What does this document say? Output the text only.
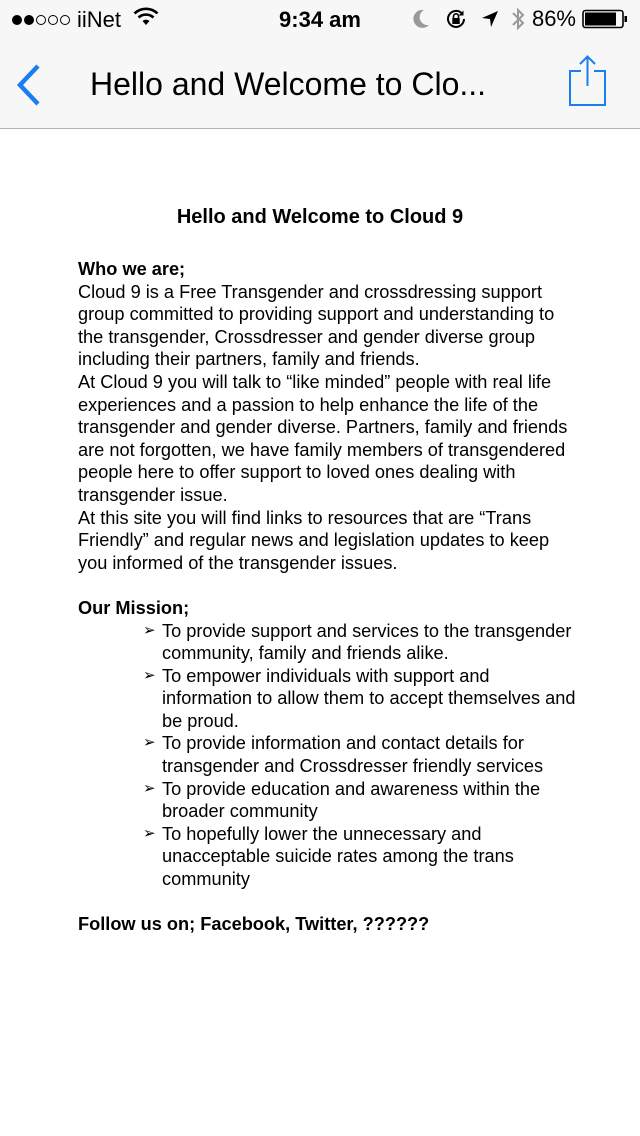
iiNet	9:34 am	86%
Hello and Welcome to Clo...
Hello and Welcome to Cloud 9

Who we are;

Cloud 9 is a Free Transgender and crossdressing support group committed to providing support and understanding to the transgender, Crossdresser and gender diverse group including their partners, family and friends.

At Cloud 9 you will talk to “like minded” people with real life experiences and a passion to help enhance the life of the transgender and gender diverse. Partners, family and friends are not forgotten, we have family members of transgendered people here to offer support to loved ones dealing with transgender issue.

At this site you will find links to resources that are “Trans Friendly” and regular news and legislation updates to keep you informed of the transgender issues.

Our Mission;

➢ To provide support and services to the transgender community, family and friends alike.
➢ To empower individuals with support and information to allow them to accept themselves and be proud.
➢ To provide information and contact details for transgender and Crossdresser friendly services
➢ To provide education and awareness within the broader community
➢ To hopefully lower the unnecessary and unacceptable suicide rates among the trans community

Follow us on; Facebook, Twitter, ??????
